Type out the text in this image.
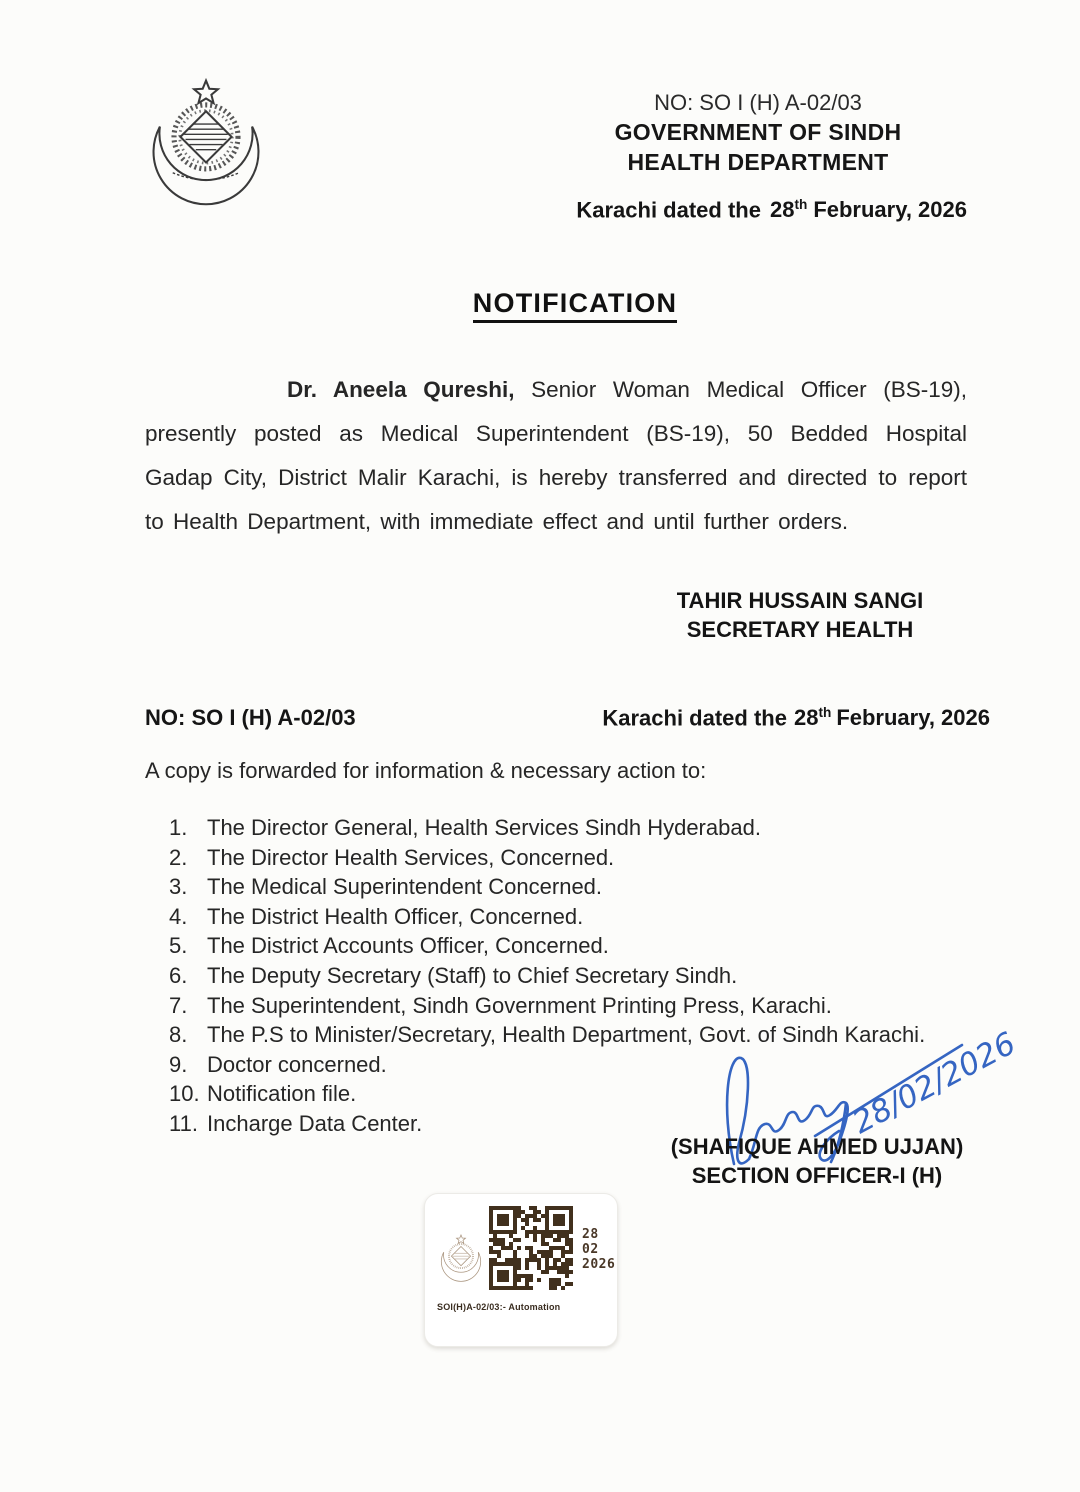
NO: SO I (H) A-02/03
GOVERNMENT OF SINDH
HEALTH DEPARTMENT
Karachi dated the 28th February, 2026
NOTIFICATION
Dr. Aneela Qureshi, Senior Woman Medical Officer (BS-19), presently posted as Medical Superintendent (BS-19), 50 Bedded Hospital Gadap City, District Malir Karachi, is hereby transferred and directed to report to Health Department, with immediate effect and until further orders.
TAHIR HUSSAIN SANGI
SECRETARY HEALTH
NO: SO I (H) A-02/03	Karachi dated the 28th February, 2026
A copy is forwarded for information & necessary action to:
1. The Director General, Health Services Sindh Hyderabad.
2. The Director Health Services, Concerned.
3. The Medical Superintendent Concerned.
4. The District Health Officer, Concerned.
5. The District Accounts Officer, Concerned.
6. The Deputy Secretary (Staff) to Chief Secretary Sindh.
7. The Superintendent, Sindh Government Printing Press, Karachi.
8. The P.S to Minister/Secretary, Health Department, Govt. of Sindh Karachi.
9. Doctor concerned.
10. Notification file.
11. Incharge Data Center.	28/02/2026
(SHAFIQUE AHMED UJJAN)
SECTION OFFICER-I (H)
28
02
2026
SOI(H)A-02/03:- Automation
